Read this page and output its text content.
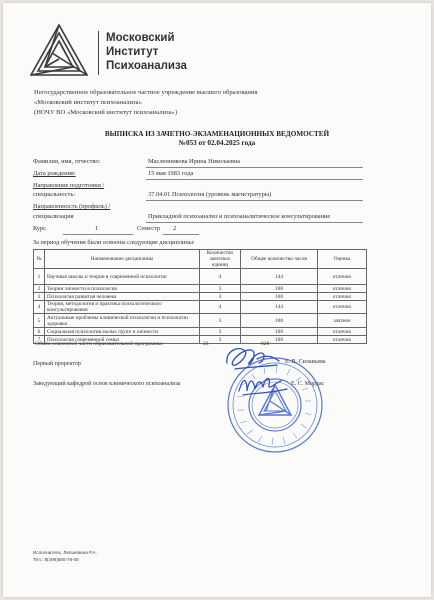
Московский
Институт
Психоанализа
Негосударственное образовательное частное учреждение высшего образования
«Московский институт психоанализа»
(НОЧУ ВО «Московский институт психоанализа»)
ВЫПИСКА ИЗ ЗАЧЕТНО-ЭКЗАМЕНАЦИОННЫХ ВЕДОМОСТЕЙ
№053 от 02.04.2025 года
Фамилия, имя, отчество:	Масленникова Ирина Николаевна
Дата рождения:	15 мая 1983 года
Направление подготовки /
специальность:	37.04.01 Психология (уровень магистратуры)
Направленность (профиль) /
специализация	Прикладной психоанализ и психоаналитическое консультирование
Курс	1	Семестр 2
За период обучения были освоены следующие дисциплины:
№	Наименование дисциплины	Количество зачетных единиц	Общее количество часов	Оценка
1	Научные школы и теории в современной психологии	4	144	отлично
2	Теории личности в психологии	3	108	отлично
3	Психология развития человека	3	108	отлично
4	Теория, методология и практика психологического консультирования	4	144	отлично
5	Актуальные проблемы клинической психологии и психологии здоровья	3	108	зачтено
6	Социальная психология малых групп и личности	3	108	отлично
7	Психология современной семьи	3	108	отлично
Объем освоенной части образовательной программы:	23	828
Первый проректор	Е. В. Силаньева
Заведующий кафедрой основ клинического психоанализа	Е. С. Мордас
Исполнитель: Липшевина Р.А.
Тел.: 8(499)580-78-06
